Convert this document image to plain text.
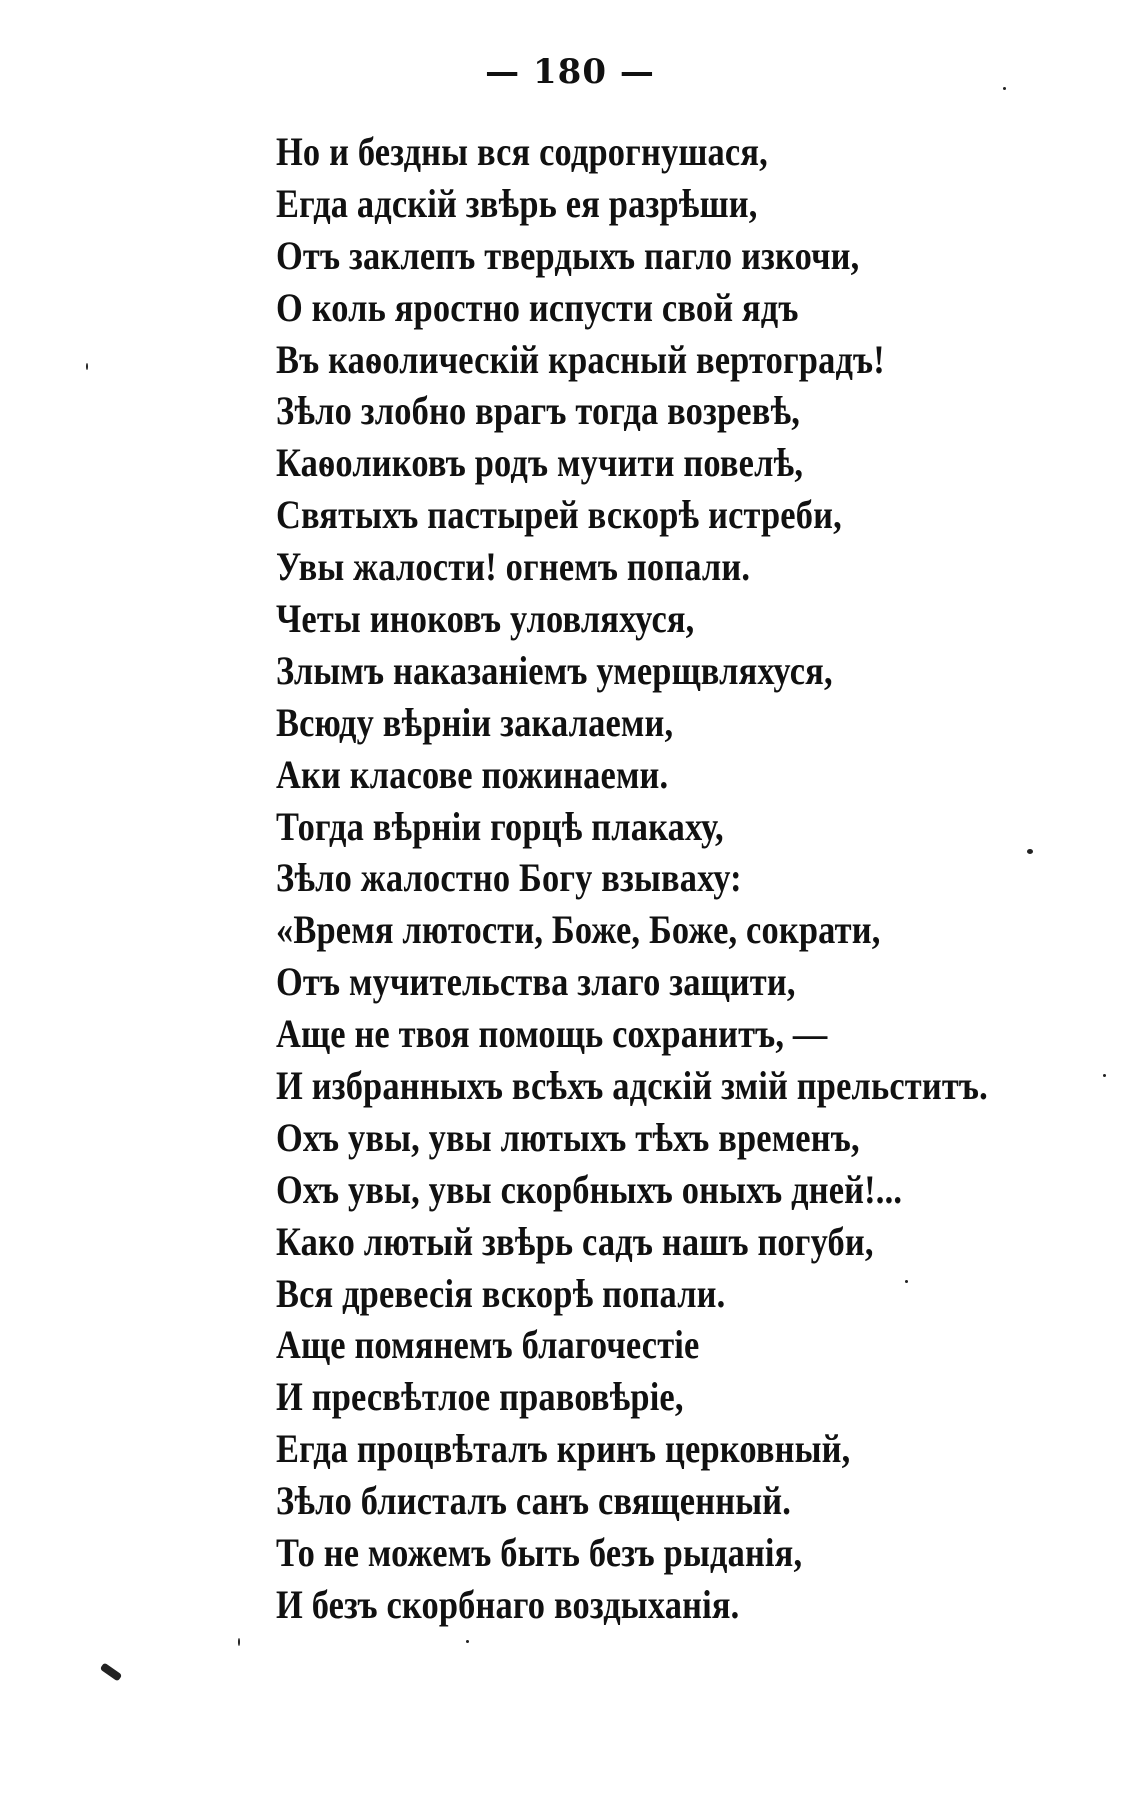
— 180 —
Но и бездны вся содрогнушася,
Егда адскій звѣрь ея разрѣши,
Отъ заклепъ твердыхъ пагло изкочи,
О коль яростно испусти свой ядъ
Въ каѳолическій красный вертоградъ!
Зѣло злобно врагъ тогда возревѣ,
Каѳоликовъ родъ мучити повелѣ,
Святыхъ пастырей вскорѣ истреби,
Увы жалости! огнемъ попали.
Четы иноковъ уловляхуся,
Злымъ наказаніемъ умерщвляхуся,
Всюду вѣрніи закалаеми,
Аки класове пожинаеми.
Тогда вѣрніи горцѣ плакаху,
Зѣло жалостно Богу взываху:
«Время лютости, Боже, Боже, сократи,
Отъ мучительства злаго защити,
Аще не твоя помощь сохранитъ, —
И избранныхъ всѣхъ адскій змій прельститъ.
Охъ увы, увы лютыхъ тѣхъ временъ,
Охъ увы, увы скорбныхъ оныхъ дней!...
Како лютый звѣрь садъ нашъ погуби,
Вся древесія вскорѣ попали.
Аще помянемъ благочестіе
И пресвѣтлое правовѣріе,
Егда процвѣталъ кринъ церковный,
Зѣло блисталъ санъ священный.
То не можемъ быть безъ рыданія,
И безъ скорбнаго воздыханія.
